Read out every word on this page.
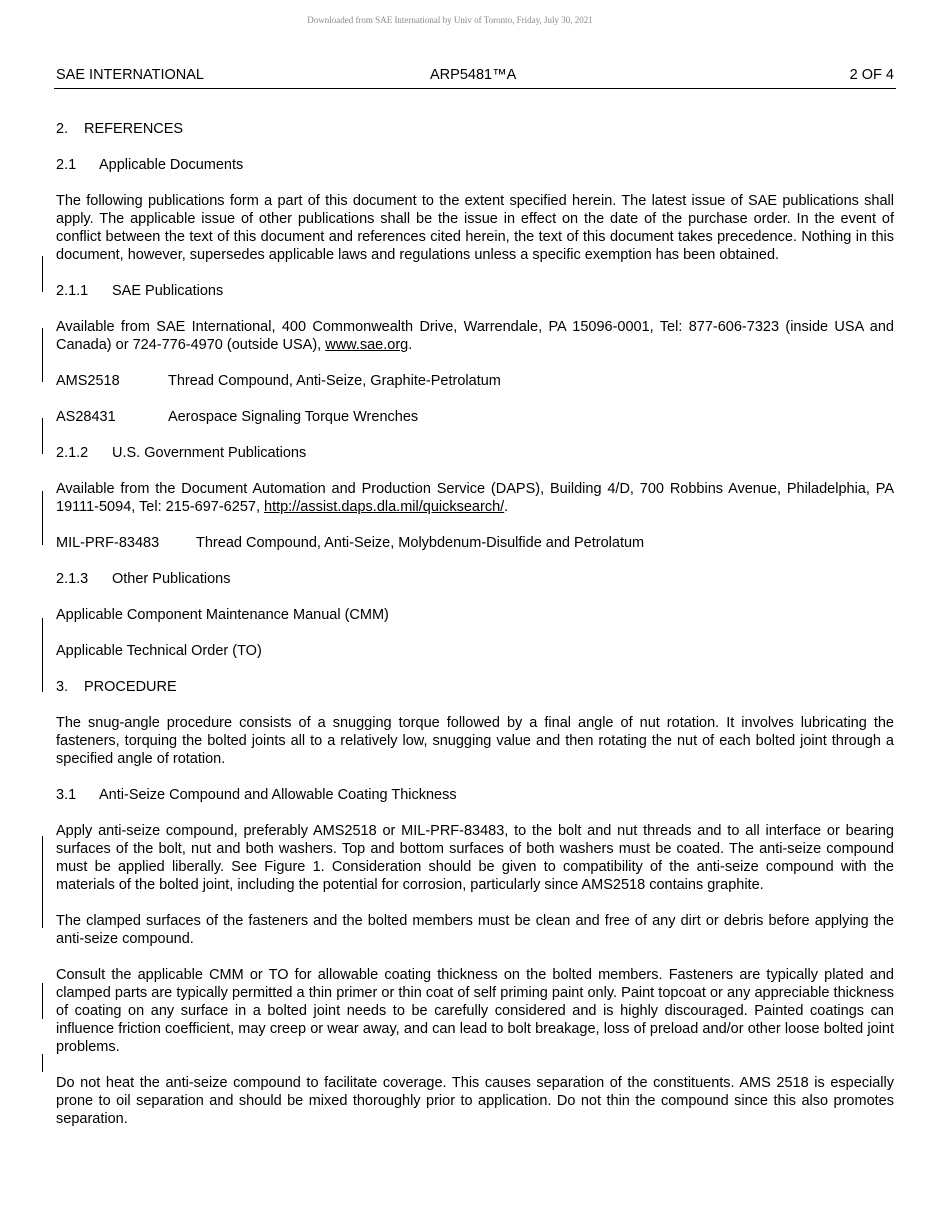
Downloaded from SAE International by Univ of Toronto, Friday, July 30, 2021
SAE INTERNATIONAL	ARP5481™A	2 OF 4
2. REFERENCES
2.1 Applicable Documents
The following publications form a part of this document to the extent specified herein. The latest issue of SAE publications shall apply. The applicable issue of other publications shall be the issue in effect on the date of the purchase order. In the event of conflict between the text of this document and references cited herein, the text of this document takes precedence. Nothing in this document, however, supersedes applicable laws and regulations unless a specific exemption has been obtained.
2.1.1 SAE Publications
Available from SAE International, 400 Commonwealth Drive, Warrendale, PA 15096-0001, Tel: 877-606-7323 (inside USA and Canada) or 724-776-4970 (outside USA), www.sae.org.
AMS2518	Thread Compound, Anti-Seize, Graphite-Petrolatum
AS28431	Aerospace Signaling Torque Wrenches
2.1.2 U.S. Government Publications
Available from the Document Automation and Production Service (DAPS), Building 4/D, 700 Robbins Avenue, Philadelphia, PA 19111-5094, Tel: 215-697-6257, http://assist.daps.dla.mil/quicksearch/.
MIL-PRF-83483	Thread Compound, Anti-Seize, Molybdenum-Disulfide and Petrolatum
2.1.3 Other Publications
Applicable Component Maintenance Manual (CMM)
Applicable Technical Order (TO)
3. PROCEDURE
The snug-angle procedure consists of a snugging torque followed by a final angle of nut rotation. It involves lubricating the fasteners, torquing the bolted joints all to a relatively low, snugging value and then rotating the nut of each bolted joint through a specified angle of rotation.
3.1 Anti-Seize Compound and Allowable Coating Thickness
Apply anti-seize compound, preferably AMS2518 or MIL-PRF-83483, to the bolt and nut threads and to all interface or bearing surfaces of the bolt, nut and both washers. Top and bottom surfaces of both washers must be coated. The anti-seize compound must be applied liberally. See Figure 1. Consideration should be given to compatibility of the anti-seize compound with the materials of the bolted joint, including the potential for corrosion, particularly since AMS2518 contains graphite.
The clamped surfaces of the fasteners and the bolted members must be clean and free of any dirt or debris before applying the anti-seize compound.
Consult the applicable CMM or TO for allowable coating thickness on the bolted members. Fasteners are typically plated and clamped parts are typically permitted a thin primer or thin coat of self priming paint only. Paint topcoat or any appreciable thickness of coating on any surface in a bolted joint needs to be carefully considered and is highly discouraged. Painted coatings can influence friction coefficient, may creep or wear away, and can lead to bolt breakage, loss of preload and/or other loose bolted joint problems.
Do not heat the anti-seize compound to facilitate coverage. This causes separation of the constituents. AMS 2518 is especially prone to oil separation and should be mixed thoroughly prior to application. Do not thin the compound since this also promotes separation.
